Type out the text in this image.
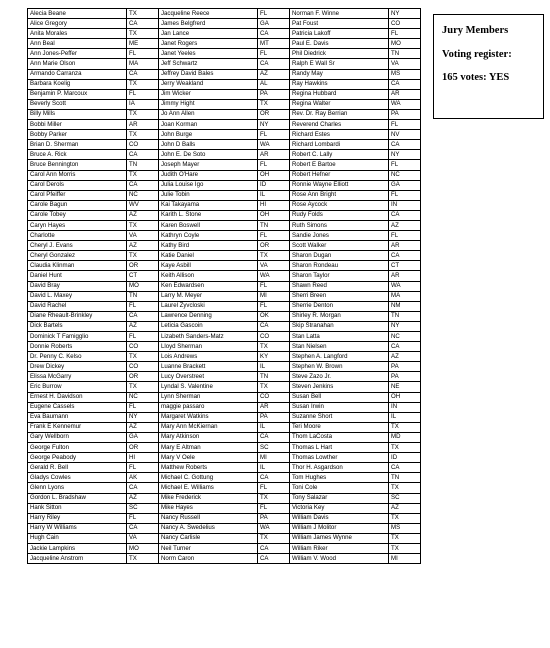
Alecia Beane	TX	Jacqueline Reece	FL	Norman F. Winne	NY
Alice Gregory	CA	James Belgfrerd	GA	Pat Foust	CO
Anita Morales	TX	Jan Lance	CA	Patricia Lakoff	FL
Ann Beal	ME	Janet Rogers	MT	Paul E. Davis	MO
Ann Jones-Peffer	FL	Janet Yeeles	FL	Phil Diedrick	TN
Ann Marie Olson	MA	Jeff Schwartz	CA	Ralph E Wall Sr	VA
Armando Carranza	CA	Jeffrey David Bales	AZ	Randy May	MS
Barbara Koelig	TX	Jerry Weakland	AL	Ray Hawkins	CA
Benjamin P. Marcoux	FL	Jim Wicker	PA	Regina Hubbard	AR
Beverly Scott	IA	Jimmy Hight	TX	Regina Walter	WA
Billy Mills	TX	Jo Ann Allen	OR	Rev. Dr. Ray Berrian	PA
Bobbi Miller	AR	Joan Korman	NY	Reverend Charles	FL
Bobby Parker	TX	John Burge	FL	Richard Estes	NV
Brian D. Sherman	CO	John D Balls	WA	Richard Lombardi	CA
Bruce A. Rick	CA	John E. De Soto	AR	Robert C. Lally	NY
Bruce Bennington	TN	Joseph Mayer	FL	Robert E Bartoe	FL
Carol Ann Morris	TX	Judith O'Hare	OH	Robert Hefner	NC
Carol Derols	CA	Julia Louise Igo	ID	Ronnie Wayne Elliott	GA
Carol Pfeiffer	NC	Julie Tobin	IL	Rose Ann Bright	FL
Carole Bagun	WV	Kai Takayama	HI	Rose Aycock	IN
Carole Tobey	AZ	Karith L. Stone	OH	Rudy Folds	CA
Caryn Hayes	TX	Karen Boswell	TN	Ruth Simons	AZ
Charlotte	VA	Kathryn Coyle	FL	Sandie Jones	FL
Cheryl J. Evans	AZ	Kathy Bird	OR	Scott Walker	AR
Cheryl Gonzalez	TX	Katie Daniel	TX	Sharon Dugan	CA
Claudia Klinman	OR	Kaye Asbill	VA	Sharon Rondeau	CT
Daniel Hunt	CT	Keith Allison	WA	Sharon Taylor	AR
David Bray	MO	Ken Edwardsen	FL	Shawn Reed	WA
David L. Maxey	TN	Larry M. Meyer	MI	Sherri Breen	MA
David Rachel	FL	Laurel Zyvcloski	FL	Sherrie Denton	NM
Diane Rheault-Brinkley	CA	Lawrence Denning	OK	Shirley R. Morgan	TN
Dick Bartels	AZ	Leticia Gascoin	CA	Skip Stranahan	NY
Dominick T Famigglio	FL	Lizabeth Sanders-Matz	CO	Stan Latta	NC
Donnie Roberts	CO	Lloyd Sherman	TX	Stan Nielsen	CA
Dr. Penny C. Kelso	TX	Lois Andrews	KY	Stephen A. Langford	AZ
Drew Dickey	CO	Luanne Brackett	IL	Stephen W. Brown	PA
Elissa McGarry	OR	Lucy Overstreet	TN	Steve Zazo Jr.	PA
Eric Burrow	TX	Lyndal S. Valentine	TX	Steven Jenkins	NE
Ernest H. Davidson	NC	Lynn Sherman	CO	Susan Bell	OH
Eugene Cassels	FL	maggie passaro	AR	Susan Irwin	IN
Eva Baumann	NY	Margaret Watkins	PA	Suzanne Short	IL
Frank E Kennemur	AZ	Mary Ann McKiernan	IL	Teri Moore	TX
Gary Wellborn	GA	Mary Atkinson	CA	Thom LaCosta	MD
George Fulton	OR	Mary E Altman	SC	Thomas L Hart	TX
George Peabody	HI	Mary V Oele	MI	Thomas Lowther	ID
Gerald R. Bell	FL	Matthew Roberts	IL	Thor H. Asgardson	CA
Gladys Cowles	AK	Michael C. Gottung	CA	Tom Hughes	TN
Glenn Lyons	CA	Michael E. Williams	FL	Toni Cole	TX
Gordon L. Bradshaw	AZ	Mike Frederick	TX	Tony Salazar	SC
Hank Sitton	SC	Mike Hayes	FL	Victoria Key	AZ
Harry Riley	FL	Nancy Russell	PA	William Davis	TX
Harry W Williams	CA	Nancy A. Swedelius	WA	William J Molitor	MS
Hugh Cain	VA	Nancy Carlisle	TX	William James Wynne	TX
Jackie Lampkins	MO	Neil Turner	CA	William Riker	TX
Jacqueline Anstrom	TX	Norm Caron	CA	William V. Wood	MI
Jury Members
Voting register:
165 votes: YES
